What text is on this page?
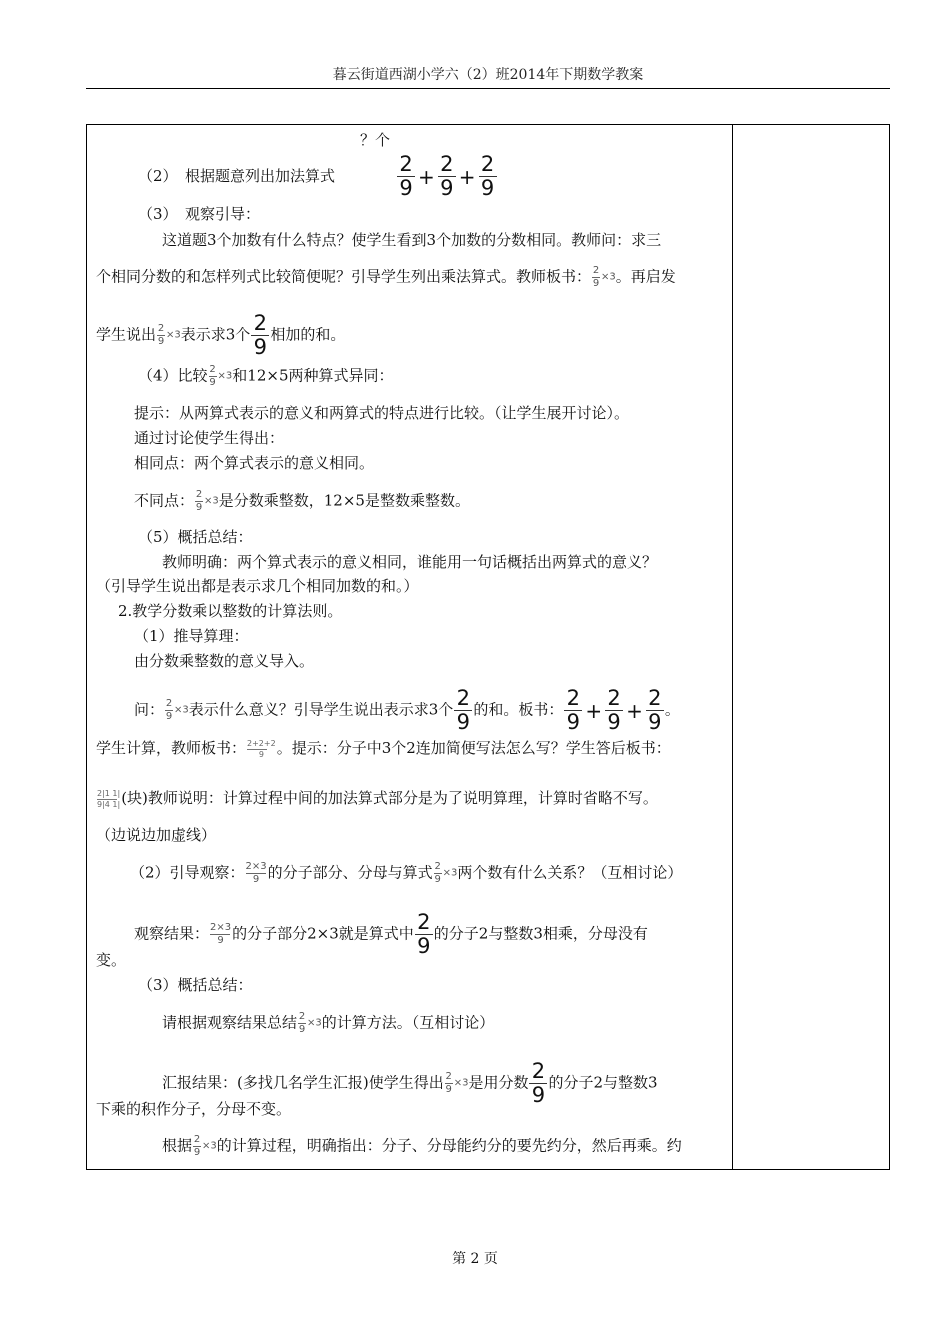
暮云街道西湖小学六（2）班2014年下期数学教案
？个
（2）　根据题意列出加法算式	$\frac{2}{9} + \frac{2}{9} + \frac{2}{9}$
（3）　观察引导：
这道题3个加数有什么特点？使学生看到3个加数的分数相同。教师问：求三
个相同分数的和怎样列式比较简便呢？引导学生列出乘法算式。教师板书： $\frac{2}{9} \times 3$。再启发
学生说出 $\frac{2}{9} \times 3$表示求3个 $\frac{2}{9}$ 相加的和。
（4）比较 $\frac{2}{9} \times 3$和12×5两种算式异同：
提示：从两算式表示的意义和两算式的特点进行比较。（让学生展开讨论）。
通过讨论使学生得出：
相同点：两个算式表示的意义相同。
不同点： $\frac{2}{9} \times 3$是分数乘整数，12×5是整数乘整数。
（5）概括总结：
教师明确：两个算式表示的意义相同，谁能用一句话概括出两算式的意义？
（引导学生说出都是表示求几个相同加数的和。）
2.教学分数乘以整数的计算法则。
（1）推导算理：
由分数乘整数的意义导入。
问： $\frac{2}{9} \times 3$表示什么意义？引导学生说出表示求3个 $\frac{2}{9}$ 的和。板书： $\frac{2}{9} + \frac{2}{9} + \frac{2}{9}$ 。
学生计算，教师板书： $\frac{2+2+2}{9}$ 。提示：分子中3个2连加简便写法怎么写？学生答后板书：
$\frac{2|1 1|}{9|4 1|}$ (块)教师说明：计算过程中间的加法算式部分是为了说明算理，计算时省略不写。
（边说边加虚线）
（2）引导观察： $\frac{2\times 3}{9}$ 的分子部分、分母与算式 $\frac{2}{9} \times 3$两个数有什么关系？（互相讨论）
观察结果： $\frac{2\times 3}{9}$ 的分子部分2×3就是算式中 $\frac{2}{9}$ 的分子2与整数3相乘，分母没有
变。
（3）概括总结：
请根据观察结果总结 $\frac{2}{9} \times 3$的计算方法。（互相讨论）
汇报结果：(多找几名学生汇报)使学生得出 $\frac{2}{9} \times 3$是用分数 $\frac{2}{9}$ 的分子2与整数3
下乘的积作分子，分母不变。
根据 $\frac{2}{9} \times 3$的计算过程，明确指出：分子、分母能约分的要先约分，然后再乘。约
第 2 页
